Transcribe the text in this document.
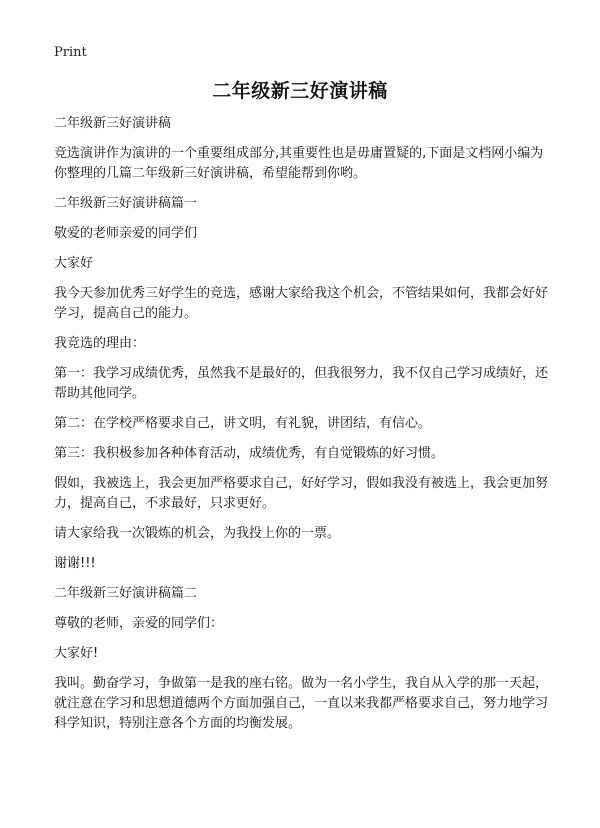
Print
二年级新三好演讲稿

二年级新三好演讲稿

竞选演讲作为演讲的一个重要组成部分,其重要性也是毋庸置疑的,下面是文档网小编为你整理的几篇二年级新三好演讲稿，希望能帮到你哟。

二年级新三好演讲稿篇一

敬爱的老师亲爱的同学们

大家好

我今天参加优秀三好学生的竞选，感谢大家给我这个机会，不管结果如何，我都会好好学习，提高自己的能力。

我竞选的理由：

第一：我学习成绩优秀，虽然我不是最好的，但我很努力，我不仅自己学习成绩好，还帮助其他同学。

第二：在学校严格要求自己，讲文明，有礼貌，讲团结，有信心。

第三：我积极参加各种体育活动，成绩优秀，有自觉锻炼的好习惯。

假如，我被选上，我会更加严格要求自己，好好学习，假如我没有被选上，我会更加努力，提高自己，不求最好，只求更好。

请大家给我一次锻炼的机会，为我投上你的一票。

谢谢!!!

二年级新三好演讲稿篇二

尊敬的老师，亲爱的同学们：

大家好!

我叫。勤奋学习，争做第一是我的座右铭。做为一名小学生，我自从入学的那一天起，就注意在学习和思想道德两个方面加强自己，一直以来我都严格要求自己，努力地学习科学知识，特别注意各个方面的均衡发展。
